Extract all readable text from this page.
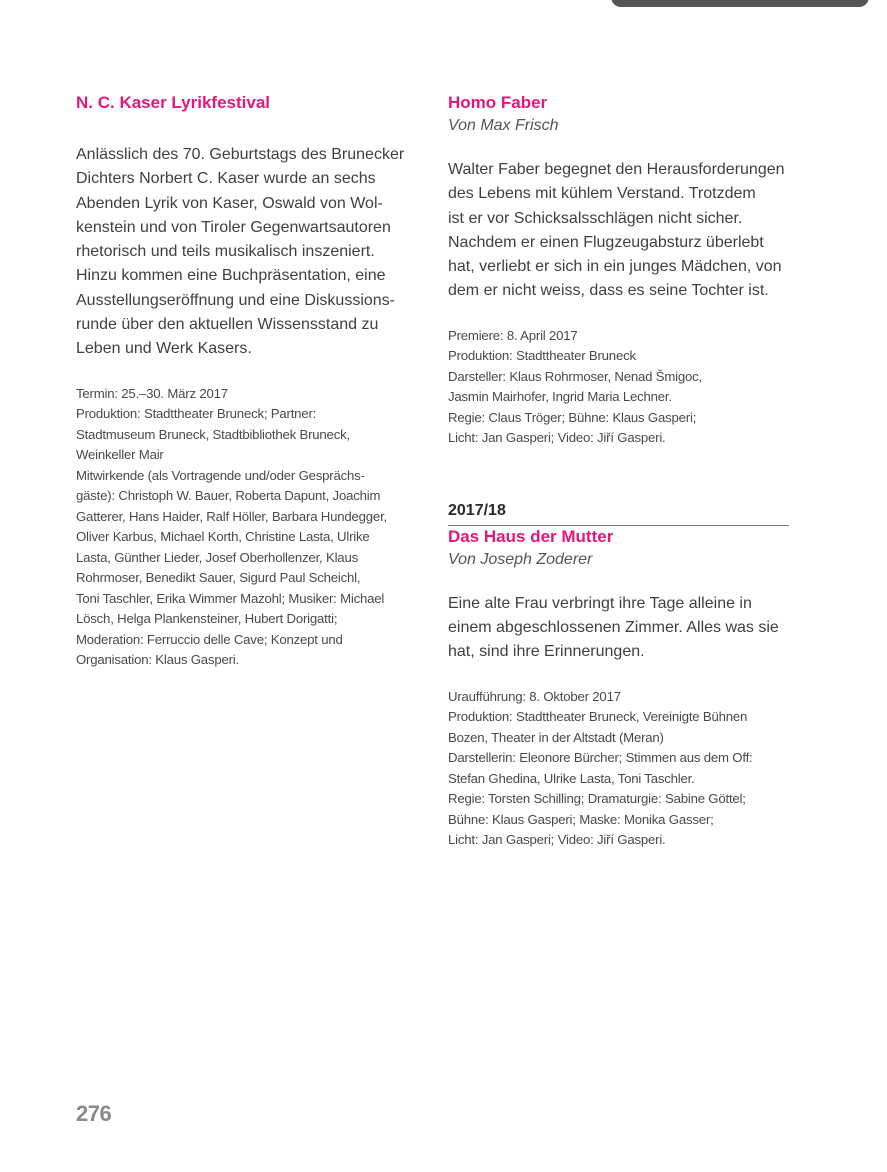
N. C. Kaser Lyrikfestival
Anlässlich des 70. Geburtstags des Brunecker
Dichters Norbert C. Kaser wurde an sechs
Abenden Lyrik von Kaser, Oswald von Wol-
kenstein und von Tiroler Gegenwartsautoren
rhetorisch und teils musikalisch inszeniert.
Hinzu kommen eine Buchpräsentation, eine
Ausstellungseröffnung und eine Diskussions-
runde über den aktuellen Wissensstand zu
Leben und Werk Kasers.
Termin: 25.–30. März 2017
Produktion: Stadttheater Bruneck; Partner:
Stadtmuseum Bruneck, Stadtbibliothek Bruneck,
Weinkeller Mair
Mitwirkende (als Vortragende und/oder Gesprächs-
gäste): Christoph W. Bauer, Roberta Dapunt, Joachim
Gatterer, Hans Haider, Ralf Höller, Barbara Hundegger,
Oliver Karbus, Michael Korth, Christine Lasta, Ulrike
Lasta, Günther Lieder, Josef Oberhollenzer, Klaus
Rohrmoser, Benedikt Sauer, Sigurd Paul Scheichl,
Toni Taschler, Erika Wimmer Mazohl; Musiker: Michael
Lösch, Helga Plankensteiner, Hubert Dorigatti;
Moderation: Ferruccio delle Cave; Konzept und
Organisation: Klaus Gasperi.
Homo Faber
Von Max Frisch
Walter Faber begegnet den Herausforderungen
des Lebens mit kühlem Verstand. Trotzdem
ist er vor Schicksalsschlägen nicht sicher.
Nachdem er einen Flugzeugabsturz überlebt
hat, verliebt er sich in ein junges Mädchen, von
dem er nicht weiss, dass es seine Tochter ist.
Premiere: 8. April 2017
Produktion: Stadttheater Bruneck
Darsteller: Klaus Rohrmoser, Nenad Šmigoc,
Jasmin Mairhofer, Ingrid Maria Lechner.
Regie: Claus Tröger; Bühne: Klaus Gasperi;
Licht: Jan Gasperi; Video: Jiří Gasperi.
2017/18
Das Haus der Mutter
Von Joseph Zoderer
Eine alte Frau verbringt ihre Tage alleine in
einem abgeschlossenen Zimmer. Alles was sie
hat, sind ihre Erinnerungen.
Uraufführung: 8. Oktober 2017
Produktion: Stadttheater Bruneck, Vereinigte Bühnen
Bozen, Theater in der Altstadt (Meran)
Darstellerin: Eleonore Bürcher; Stimmen aus dem Off:
Stefan Ghedina, Ulrike Lasta, Toni Taschler.
Regie: Torsten Schilling; Dramaturgie: Sabine Göttel;
Bühne: Klaus Gasperi; Maske: Monika Gasser;
Licht: Jan Gasperi; Video: Jiří Gasperi.
276
